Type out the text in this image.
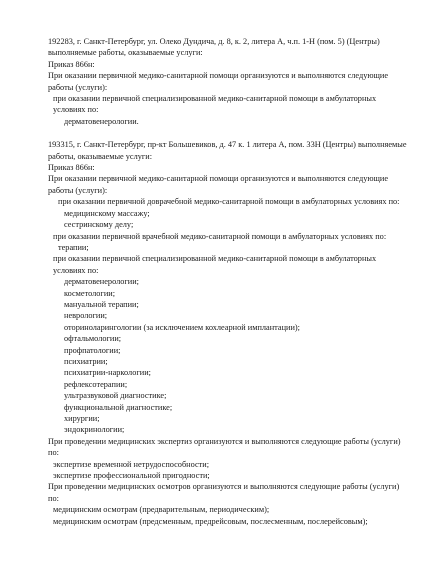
192283, г. Санкт-Петербург, ул. Олеко Дундича, д. 8, к. 2, литера А, ч.п. 1-Н (пом. 5) (Центры) выполняемые работы, оказываемые услуги:
Приказ 866н:
При оказании первичной медико-санитарной помощи организуются и выполняются следующие работы (услуги):
при оказании первичной специализированной медико-санитарной помощи в амбулаторных условиях по:
дерматовенерологии.
193315, г. Санкт-Петербург, пр-кт Большевиков, д. 47 к. 1 литера А, пом. 33Н (Центры) выполняемые работы, оказываемые услуги:
Приказ 866н:
При оказании первичной медико-санитарной помощи организуются и выполняются следующие работы (услуги):
при оказании первичной доврачебной медико-санитарной помощи в амбулаторных условиях по:
медицинскому массажу;
сестринскому делу;
при оказании первичной врачебной медико-санитарной помощи в амбулаторных условиях по:
терапии;
при оказании первичной специализированной медико-санитарной помощи в амбулаторных условиях по:
дерматовенерологии;
косметологии;
мануальной терапии;
неврологии;
оториноларингологии (за исключением кохлеарной имплантации);
офтальмологии;
профпатологии;
психиатрии;
психиатрии-наркологии;
рефлексотерапии;
ультразвуковой диагностике;
функциональной диагностике;
хирургии;
эндокринологии;
При проведении медицинских экспертиз организуются и выполняются следующие работы (услуги) по:
экспертизе временной нетрудоспособности;
экспертизе профессиональной пригодности;
При проведении медицинских осмотров организуются и выполняются следующие работы (услуги) по:
медицинским осмотрам (предварительным, периодическим);
медицинским осмотрам (предсменным, предрейсовым, послесменным, послерейсовым);
